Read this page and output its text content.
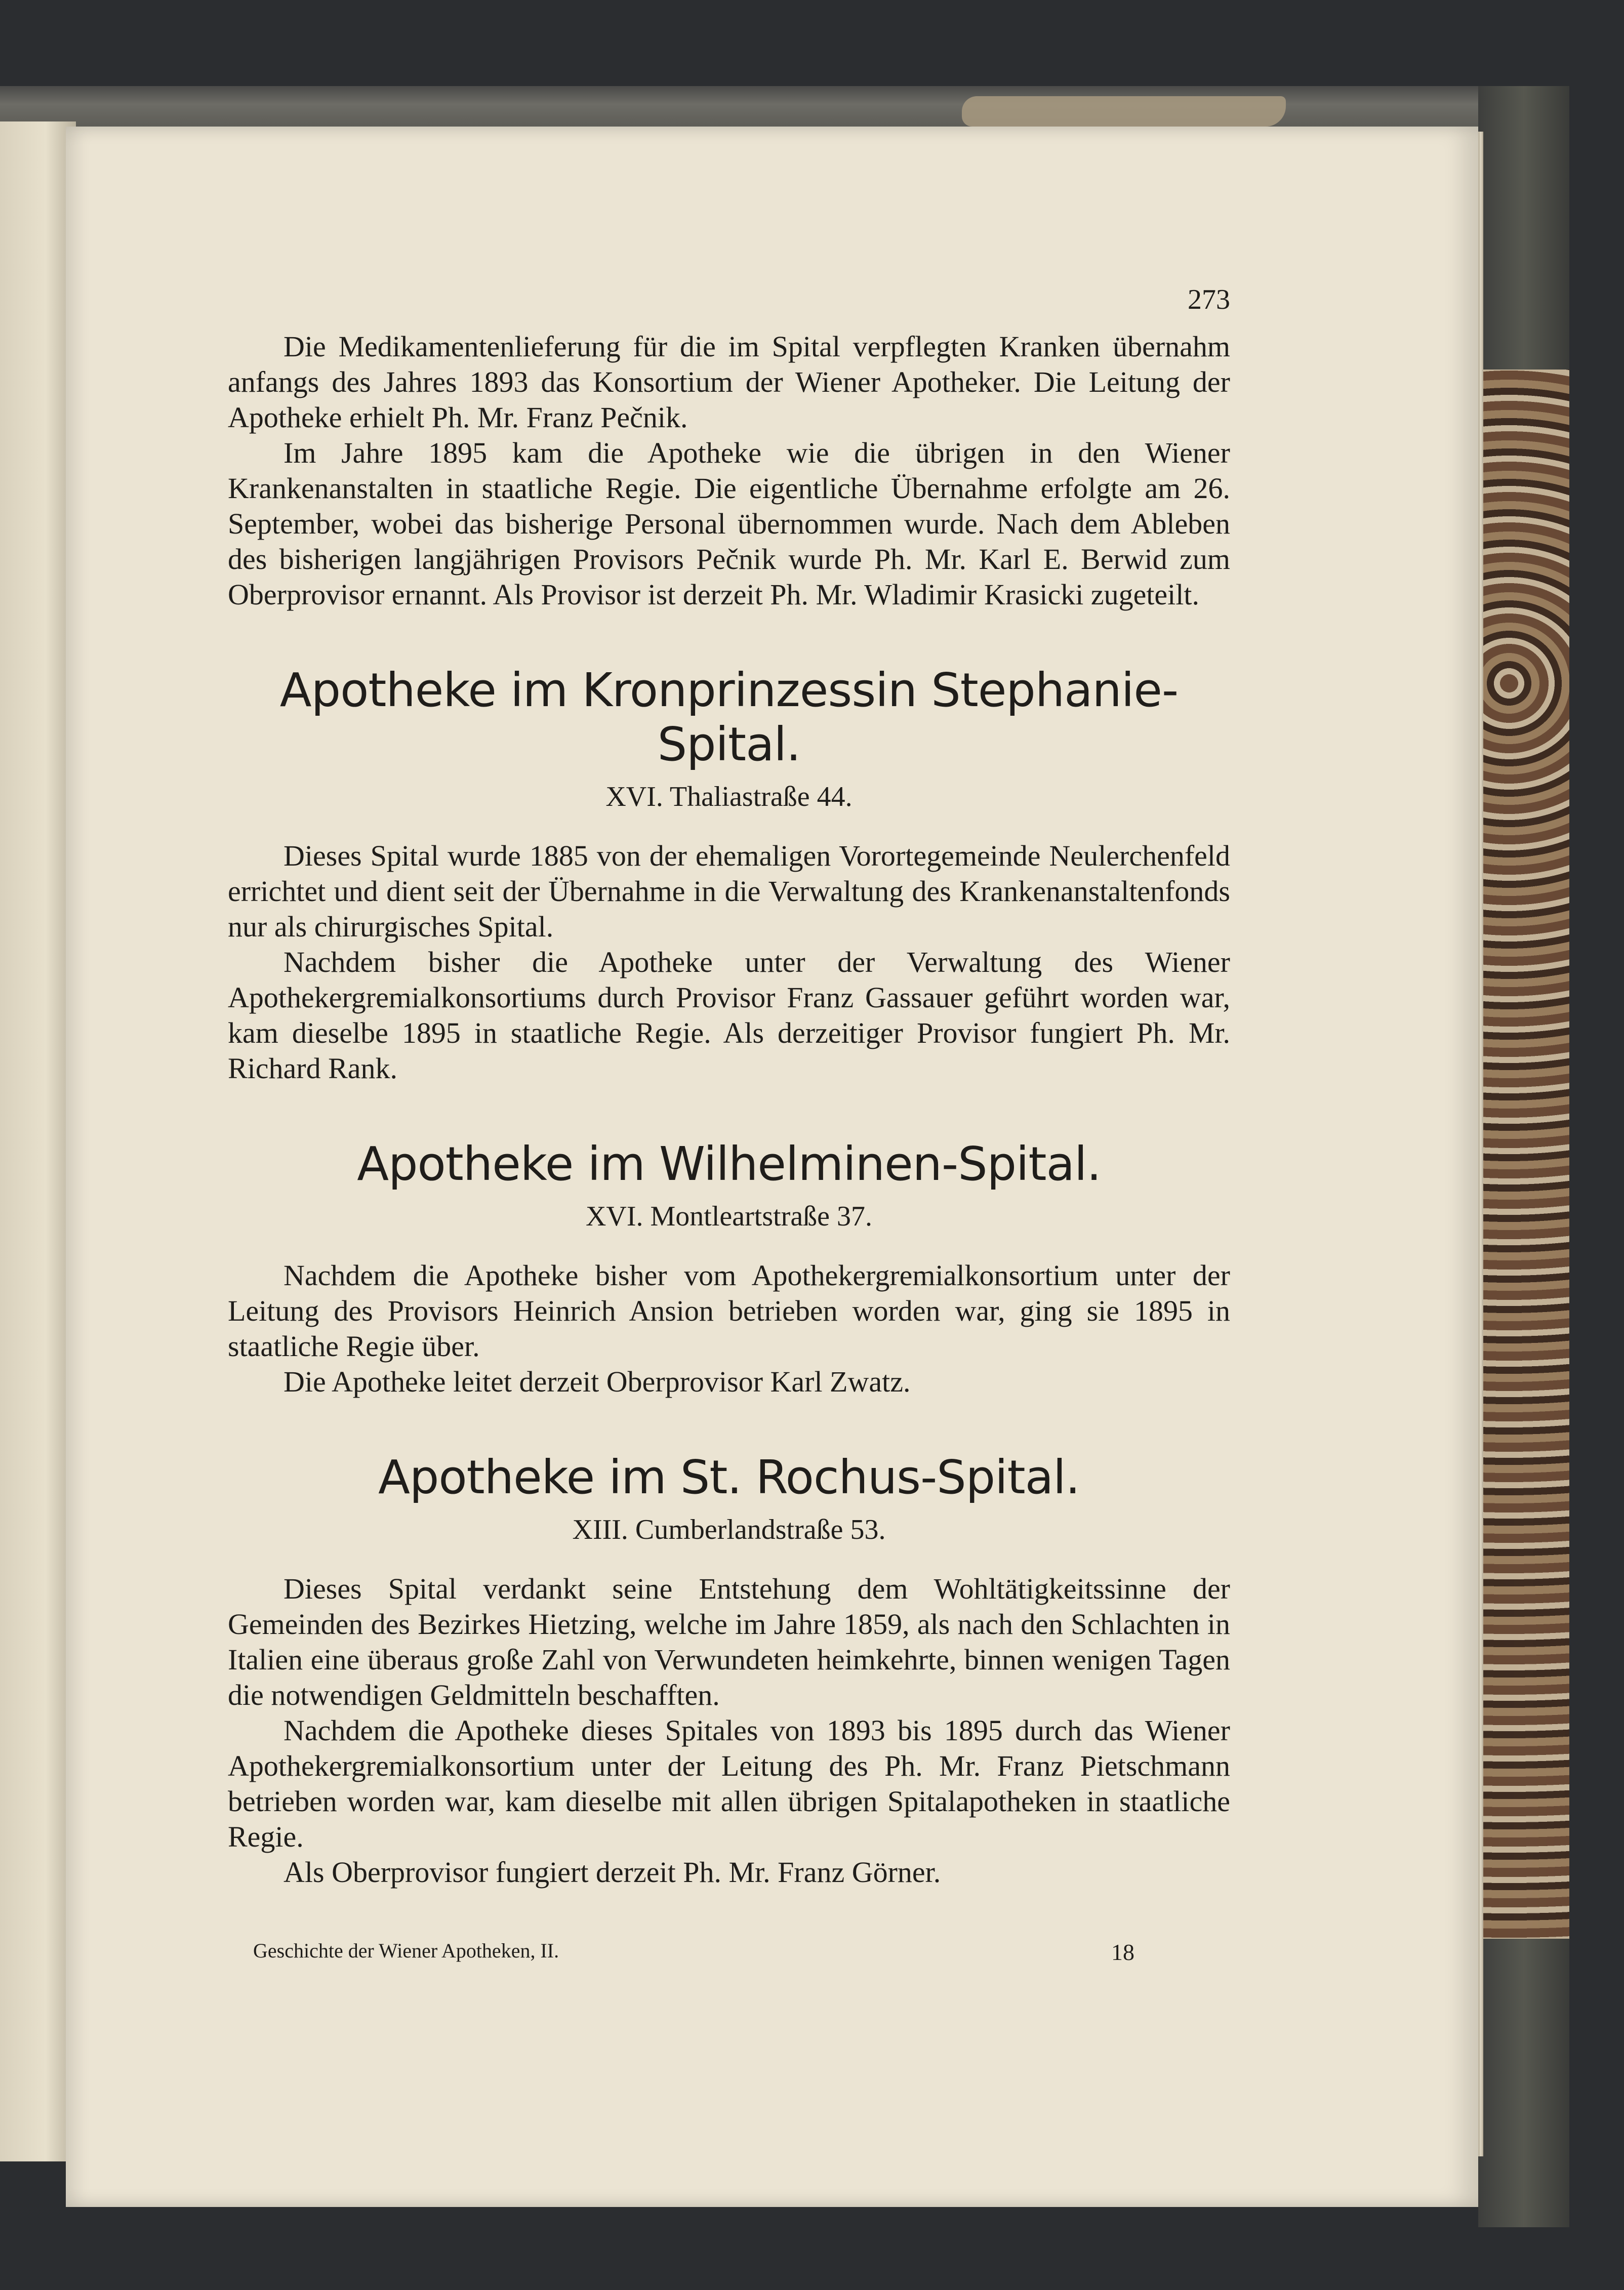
273

Die Medikamentenlieferung für die im Spital verpflegten Kranken übernahm anfangs des Jahres 1893 das Konsortium der Wiener Apotheker. Die Leitung der Apotheke erhielt Ph. Mr. Franz Pečnik.

Im Jahre 1895 kam die Apotheke wie die übrigen in den Wiener Krankenanstalten in staatliche Regie. Die eigentliche Übernahme erfolgte am 26. September, wobei das bisherige Personal übernommen wurde. Nach dem Ableben des bisherigen langjährigen Provisors Pečnik wurde Ph. Mr. Karl E. Berwid zum Oberprovisor ernannt. Als Provisor ist derzeit Ph. Mr. Wladimir Krasicki zugeteilt.

Apotheke im Kronprinzessin Stephanie-Spital.
XVI. Thaliastraße 44.

Dieses Spital wurde 1885 von der ehemaligen Vorortegemeinde Neulerchenfeld errichtet und dient seit der Übernahme in die Verwaltung des Krankenanstaltenfonds nur als chirurgisches Spital.

Nachdem bisher die Apotheke unter der Verwaltung des Wiener Apothekergremialkonsortiums durch Provisor Franz Gassauer geführt worden war, kam dieselbe 1895 in staatliche Regie. Als derzeitiger Provisor fungiert Ph. Mr. Richard Rank.

Apotheke im Wilhelminen-Spital.
XVI. Montleartstraße 37.

Nachdem die Apotheke bisher vom Apothekergremialkonsortium unter der Leitung des Provisors Heinrich Ansion betrieben worden war, ging sie 1895 in staatliche Regie über.

Die Apotheke leitet derzeit Oberprovisor Karl Zwatz.

Apotheke im St. Rochus-Spital.
XIII. Cumberlandstraße 53.

Dieses Spital verdankt seine Entstehung dem Wohltätigkeitssinne der Gemeinden des Bezirkes Hietzing, welche im Jahre 1859, als nach den Schlachten in Italien eine überaus große Zahl von Verwundeten heimkehrte, binnen wenigen Tagen die notwendigen Geldmitteln beschafften.

Nachdem die Apotheke dieses Spitales von 1893 bis 1895 durch das Wiener Apothekergremialkonsortium unter der Leitung des Ph. Mr. Franz Pietschmann betrieben worden war, kam dieselbe mit allen übrigen Spitalapotheken in staatliche Regie.

Als Oberprovisor fungiert derzeit Ph. Mr. Franz Görner.

Geschichte der Wiener Apotheken, II.	18
